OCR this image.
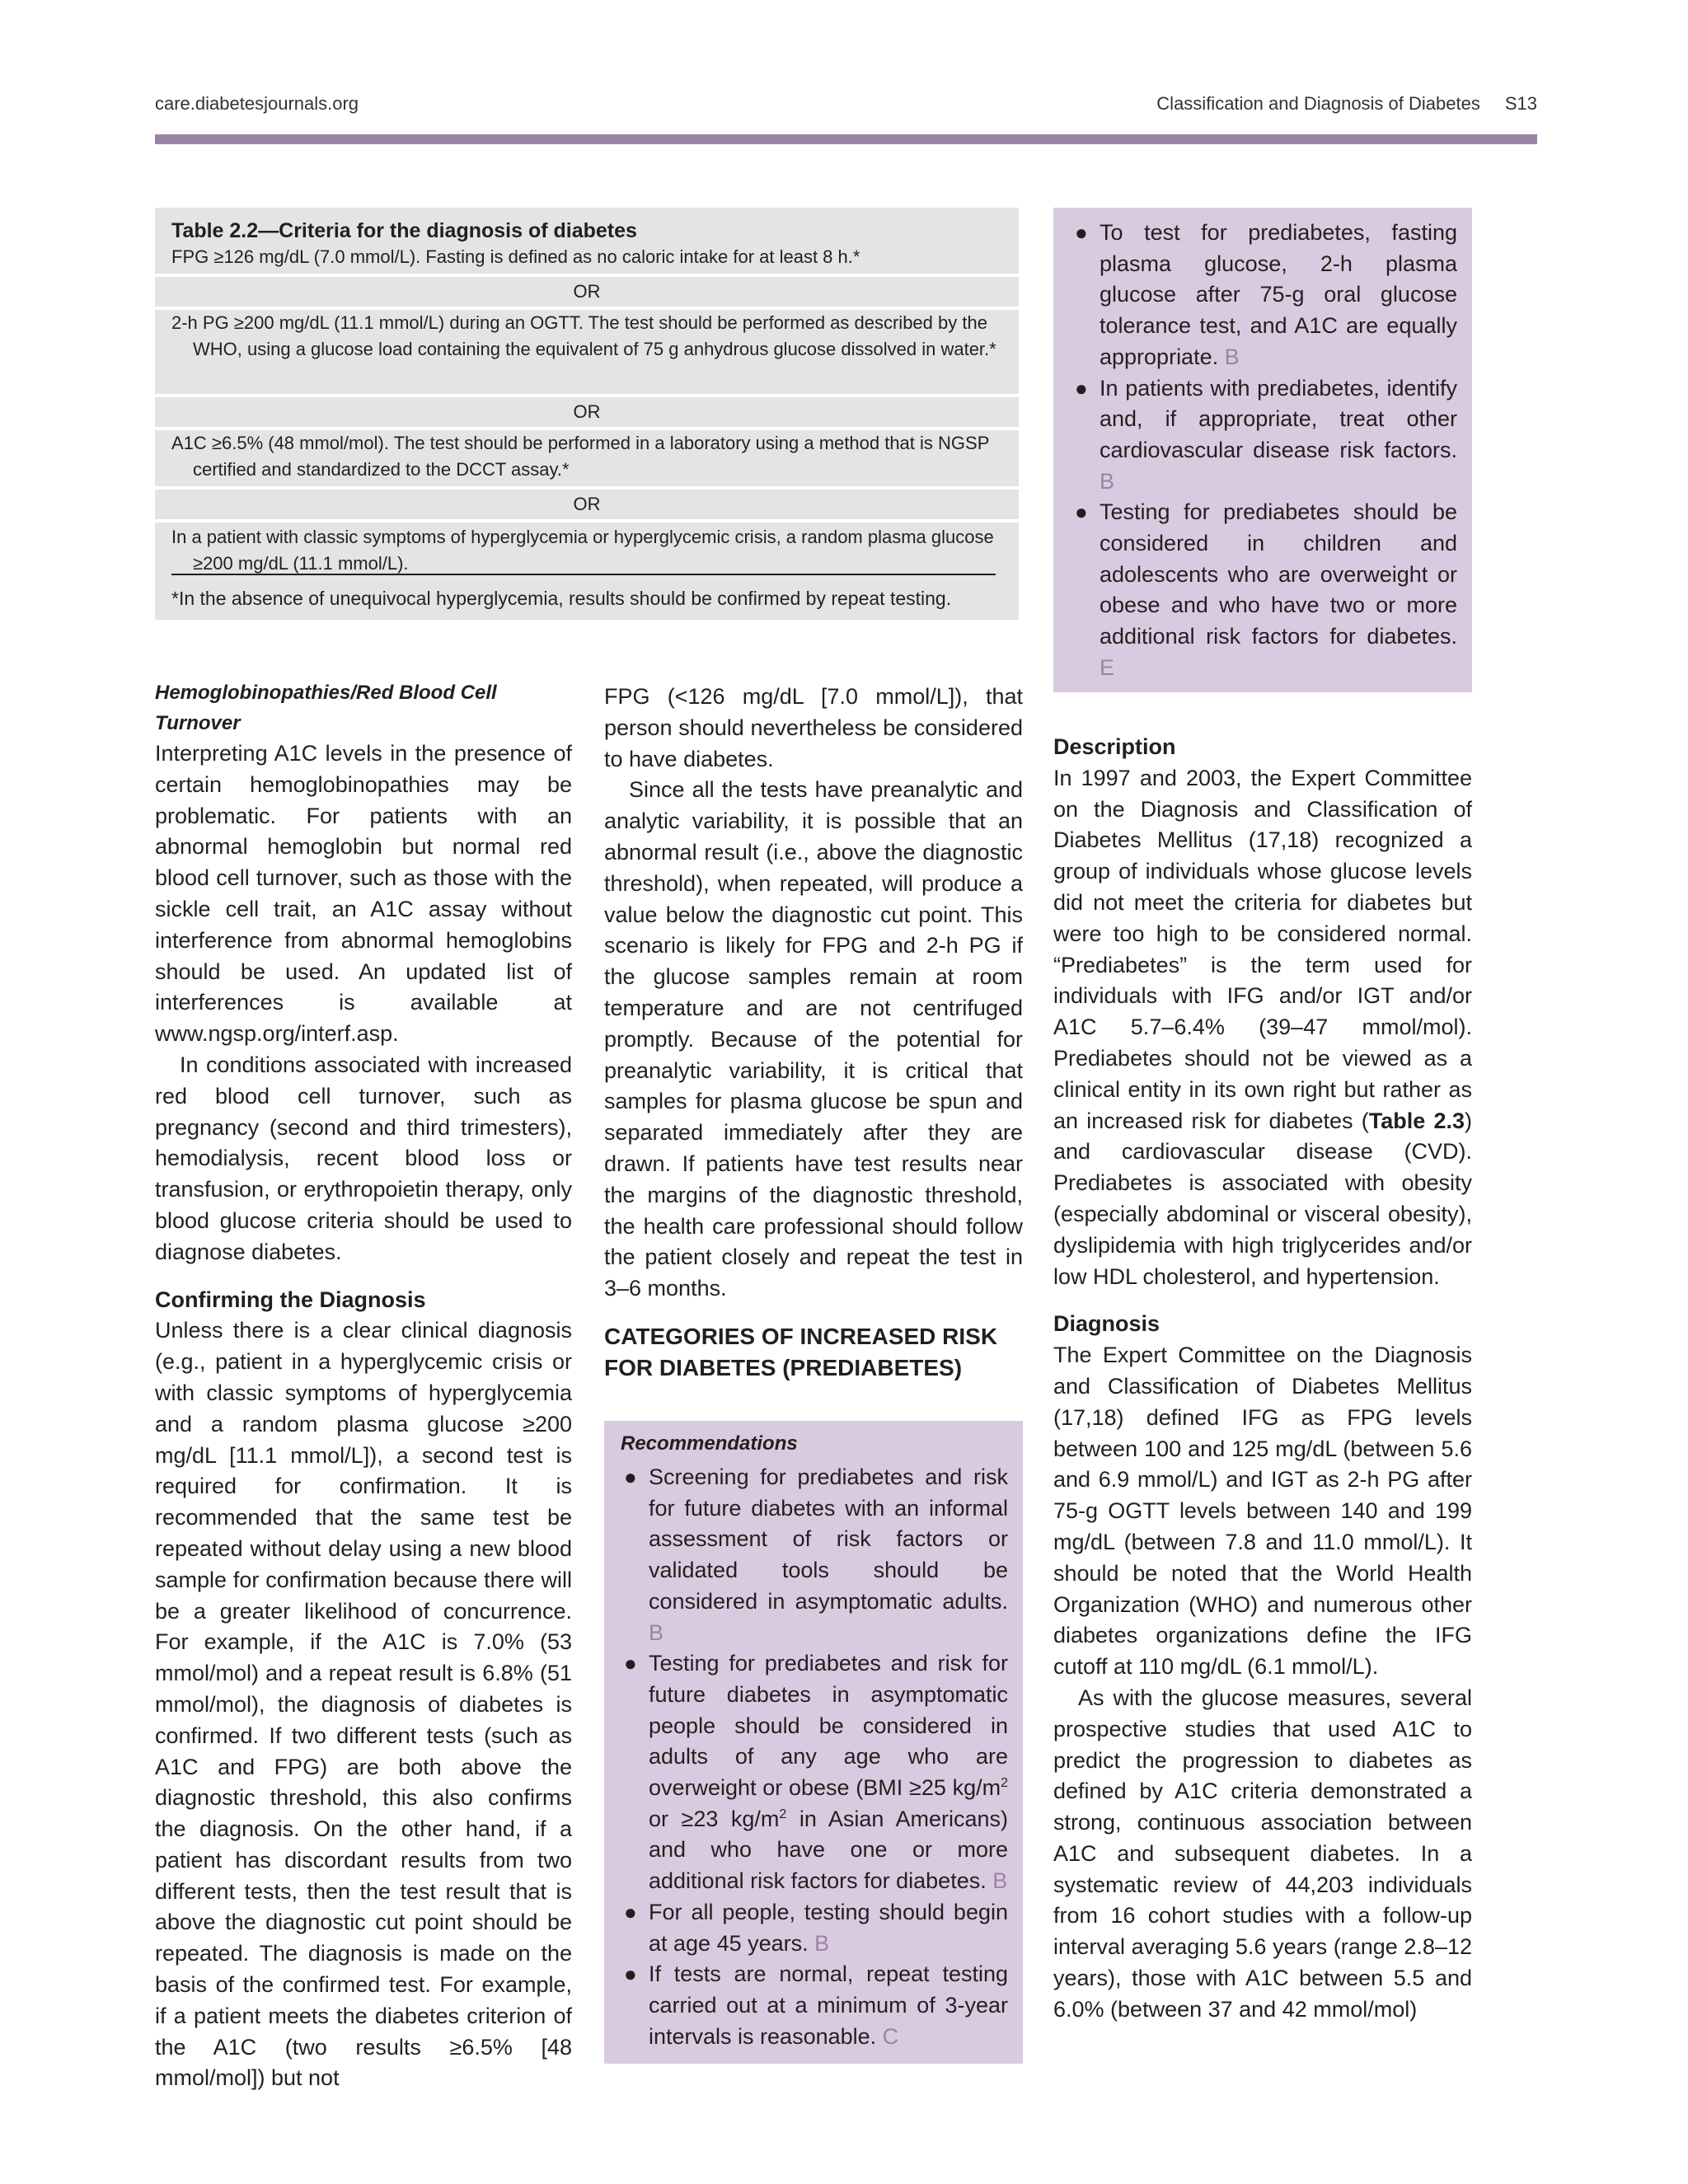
care.diabetesjournals.org	Classification and Diagnosis of Diabetes S13
Table 2.2—Criteria for the diagnosis of diabetes
FPG ≥126 mg/dL (7.0 mmol/L). Fasting is defined as no caloric intake for at least 8 h.*
OR
2-h PG ≥200 mg/dL (11.1 mmol/L) during an OGTT. The test should be performed as described by the WHO, using a glucose load containing the equivalent of 75 g anhydrous glucose dissolved in water.*
OR
A1C ≥6.5% (48 mmol/mol). The test should be performed in a laboratory using a method that is NGSP certified and standardized to the DCCT assay.*
OR
In a patient with classic symptoms of hyperglycemia or hyperglycemic crisis, a random plasma glucose ≥200 mg/dL (11.1 mmol/L).
*In the absence of unequivocal hyperglycemia, results should be confirmed by repeat testing.
● To test for prediabetes, fasting plasma glucose, 2-h plasma glucose after 75-g oral glucose tolerance test, and A1C are equally appropriate. B
● In patients with prediabetes, identify and, if appropriate, treat other cardiovascular disease risk factors. B
● Testing for prediabetes should be considered in children and adolescents who are overweight or obese and who have two or more additional risk factors for diabetes. E

Hemoglobinopathies/Red Blood Cell Turnover

Interpreting A1C levels in the presence of certain hemoglobinopathies may be problematic. For patients with an abnormal hemoglobin but normal red blood cell turnover, such as those with the sickle cell trait, an A1C assay without interference from abnormal hemoglobins should be used. An updated list of interferences is available at www.ngsp.org/interf.asp.

In conditions associated with increased red blood cell turnover, such as pregnancy (second and third trimesters), hemodialysis, recent blood loss or transfusion, or erythropoietin therapy, only blood glucose criteria should be used to diagnose diabetes.

Confirming the Diagnosis

Unless there is a clear clinical diagnosis (e.g., patient in a hyperglycemic crisis or with classic symptoms of hyperglycemia and a random plasma glucose ≥200 mg/dL [11.1 mmol/L]), a second test is required for confirmation. It is recommended that the same test be repeated without delay using a new blood sample for confirmation because there will be a greater likelihood of concurrence. For example, if the A1C is 7.0% (53 mmol/mol) and a repeat result is 6.8% (51 mmol/mol), the diagnosis of diabetes is confirmed. If two different tests (such as A1C and FPG) are both above the diagnostic threshold, this also confirms the diagnosis. On the other hand, if a patient has discordant results from two different tests, then the test result that is above the diagnostic cut point should be repeated. The diagnosis is made on the basis of the confirmed test. For example, if a patient meets the diabetes criterion of the A1C (two results ≥6.5% [48 mmol/mol]) but not

FPG (<126 mg/dL [7.0 mmol/L]), that person should nevertheless be considered to have diabetes.

Since all the tests have preanalytic and analytic variability, it is possible that an abnormal result (i.e., above the diagnostic threshold), when repeated, will produce a value below the diagnostic cut point. This scenario is likely for FPG and 2-h PG if the glucose samples remain at room temperature and are not centrifuged promptly. Because of the potential for preanalytic variability, it is critical that samples for plasma glucose be spun and separated immediately after they are drawn. If patients have test results near the margins of the diagnostic threshold, the health care professional should follow the patient closely and repeat the test in 3–6 months.

CATEGORIES OF INCREASED RISK FOR DIABETES (PREDIABETES)

Recommendations
● Screening for prediabetes and risk for future diabetes with an informal assessment of risk factors or validated tools should be considered in asymptomatic adults. B
● Testing for prediabetes and risk for future diabetes in asymptomatic people should be considered in adults of any age who are overweight or obese (BMI ≥25 $kg/m^2$ or ≥23 $kg/m^2$ in Asian Americans) and who have one or more additional risk factors for diabetes. B
● For all people, testing should begin at age 45 years. B
● If tests are normal, repeat testing carried out at a minimum of 3-year intervals is reasonable. C

Description

In 1997 and 2003, the Expert Committee on the Diagnosis and Classification of Diabetes Mellitus (17,18) recognized a group of individuals whose glucose levels did not meet the criteria for diabetes but were too high to be considered normal. “Prediabetes” is the term used for individuals with IFG and/or IGT and/or A1C 5.7–6.4% (39–47 mmol/mol). Prediabetes should not be viewed as a clinical entity in its own right but rather as an increased risk for diabetes (Table 2.3) and cardiovascular disease (CVD). Prediabetes is associated with obesity (especially abdominal or visceral obesity), dyslipidemia with high triglycerides and/or low HDL cholesterol, and hypertension.

Diagnosis

The Expert Committee on the Diagnosis and Classification of Diabetes Mellitus (17,18) defined IFG as FPG levels between 100 and 125 mg/dL (between 5.6 and 6.9 mmol/L) and IGT as 2-h PG after 75-g OGTT levels between 140 and 199 mg/dL (between 7.8 and 11.0 mmol/L). It should be noted that the World Health Organization (WHO) and numerous other diabetes organizations define the IFG cutoff at 110 mg/dL (6.1 mmol/L).

As with the glucose measures, several prospective studies that used A1C to predict the progression to diabetes as defined by A1C criteria demonstrated a strong, continuous association between A1C and subsequent diabetes. In a systematic review of 44,203 individuals from 16 cohort studies with a follow-up interval averaging 5.6 years (range 2.8–12 years), those with A1C between 5.5 and 6.0% (between 37 and 42 mmol/mol)
